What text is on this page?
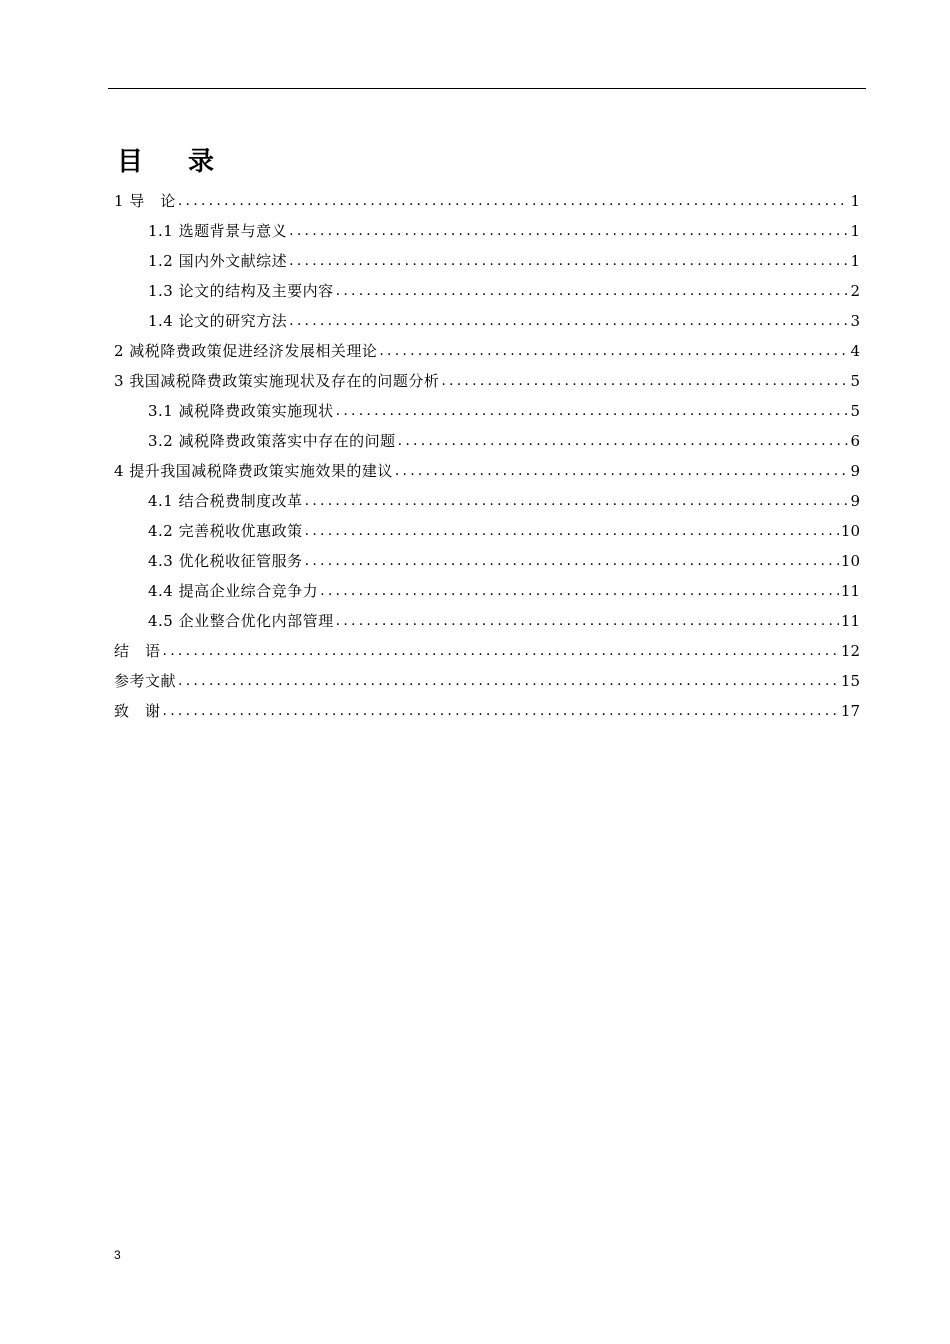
目 录
1 导　论 . . .	1
1.1 选题背景与意义 . . .	1
1.2 国内外文献综述 . . .	1
1.3 论文的结构及主要内容 . . .	2
1.4 论文的研究方法 . . .	3
2 减税降费政策促进经济发展相关理论 . . .	4
3 我国减税降费政策实施现状及存在的问题分析 . . .	5
3.1 减税降费政策实施现状 . . .	5
3.2 减税降费政策落实中存在的问题 . . .	6
4 提升我国减税降费政策实施效果的建议 . . .	9
4.1 结合税费制度改革 . . .	9
4.2 完善税收优惠政策 . . .	10
4.3 优化税收征管服务 . . .	10
4.4 提高企业综合竞争力 . . .	11
4.5 企业整合优化内部管理 . . .	11
结　语 . . .	12
参考文献 . . .	15
致　谢 . . .	17
3
